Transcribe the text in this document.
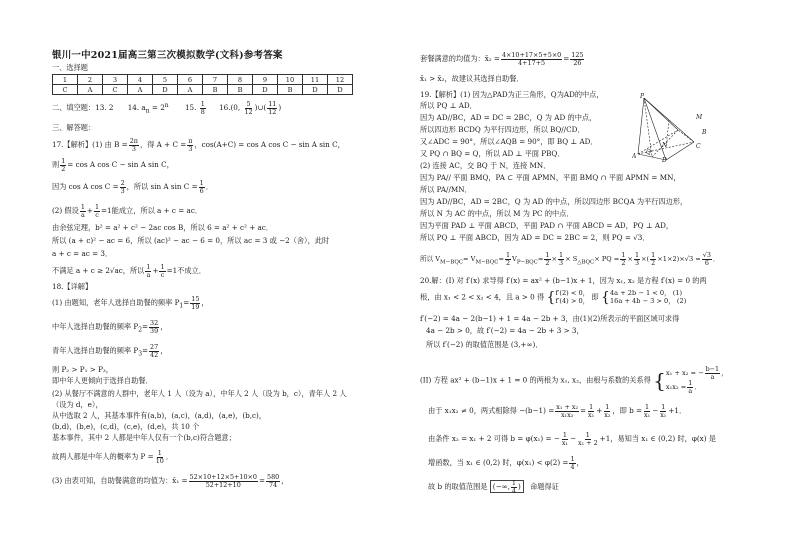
银川一中2021届高三第三次模拟数学(文科)参考答案
一、选择题
1	2	3	4	5	6	7	8	9	10	11	12
C	A	C	A	D	A	B	B	D	B	D	D
二、填空题：13. 2 14. $a_n = 2^n$ 15. $\frac{1}{8} 16.(0$, $\frac{5}{12}$ )∪( $\frac{11}{12}$ )
三、解答题：
17.【解析】(1) 由 $B = \frac{2\pi}{3}$ ，得 $A + C = \frac{\pi}{3}$ ，cos(A+C) = cos A cos C − sin A sin C，
则 $\frac{1}{2} = \cos A$ cos C − sin A sin C，
因为 cos A $\cos C = \frac{2}{3}$ ，所以 sin A $\sin C = \frac{1}{6}$ ．
(2) 假设 $\frac{1}{a} + \frac{1}{c} =1$能成立，所以 a + c = ac．
由余弦定理，b² = a² + c² − 2ac cos B，所以 6 = a² + c² + ac．
所以 (a + c)² − ac = 6，所以 (ac)² − ac − 6 = 0，所以 ac = 3 或 −2（舍），此时
a + c = ac = 3．
不满足 a + c ≥ 2√ac，所以 $\frac{1}{a} + \frac{1}{c} =1$不成立．
18.【详解】
(1) 由题知，老年人选择自助餐的频率 $P_1= \frac{15}{19}$ ，
中年人选择自助餐的频率 $P_2= \frac{32}{39}$ ，
青年人选择自助餐的频率 $P_3= \frac{27}{42}$ ，
则 P₂ > P₁ > P₃，
即中年人更倾向于选择自助餐．
(2) 从餐厅不满意的人群中，老年人 1 人（设为 a），中年人 2 人（设为 b，c），青年人 2 人
（设为 d，e），
从中选取 2 人，其基本事件有(a,b)，(a,c)，(a,d)，(a,e)，(b,c)，
(b,d)，(b,e)，(c,d)，(c,e)，(d,e)，共 10 个
基本事件，其中 2 人都是中年人仅有一个(b,c)符合题意；
故两人都是中年人的概率为 $P = \frac{1}{10}$ ．
(3) 由表可知，自助餐满意的均值为：x̄₁ = $\frac{52\times 10+12\times 5+10\times 0}{52+12+10} = \frac{580}{74}$ ，
套餐满意的均值为：x̄₂ = $\frac{4\times 10+17\times 5+5\times 0}{4+17+5} = \frac{125}{26}$
x̄₁ > x̄₂，故建议其选择自助餐．
19.【解析】(1) 因为△PAD为正三角形，Q为AD的中点，
所以 PQ ⊥ AD．
因为 AD//BC，AD = DC = 2BC，Q 为 AD 的中点，
所以四边形 BCDQ 为平行四边形，所以 BQ//CD．
又∠ADC = 90°，所以∠AQB = 90°，即 BQ ⊥ AD．
又 PQ ∩ BQ = Q，所以 AD ⊥ 平面 PBQ．
(2) 连接 AC，交 BQ 于 N，连接 MN．
因为 PA// 平面 BMQ，PA ⊂ 平面 APMN，平面 BMQ ∩ 平面 APMN = MN，
所以 PA//MN．
因为 AD//BC，AD = 2BC，Q 为 AD 的中点，所以四边形 BCQA 为平行四边形，
所以 N 为 AC 的中点，所以 M 为 PC 的中点．
因为平面 PAD ⊥ 平面 ABCD，平面 PAD ∩ 平面 ABCD = AD，PQ ⊥ AD，
所以 PQ ⊥ 平面 ABCD，因为 AD = DC = 2BC = 2，则 PQ = √3．
所以 $V_{M-BQC}= V_{M-BQC}= \frac{1}{2} V_{P-BQC}= \frac{1}{2} \times \frac{1}{3} \times S_{\triangle BQC}\times$ PQ = $\frac{1}{2} \times \frac{1}{3}$ ×( $\frac{1}{2} \times 1\times 2)\times√3 = \frac{√3}{6}$ ．
20.解：(I) 对 f′(x) 求导得 f′(x) = ax² + (b−1)x + 1，因为 x₁, x₂ 是方程 f′(x) = 0 的两
根，由 x₁ < 2 < x₂ < 4，且 a > 0 得 { f′(2) < 0，
f′(4) > 0， 即 { 4a + 2b − 1 < 0， (1)
16a + 4b − 3 > 0， (2)
f′(−2) = 4a − 2(b−1) + 1 = 4a − 2b + 3，由(1)(2)所表示的平面区域可求得
4a − 2b > 0，故 f′(−2) = 4a − 2b + 3 > 3，
所以 f′(−2) 的取值范围是 (3,+∞)．
(II) 方程 ax² + (b−1)x + 1 = 0 的两根为 x₁, x₂，由根与系数的关系得 { x₁ + x₂ = − $\frac{b-1}{a}$ ，
$x_1x_2 = \frac{1}{a}$ ．
由于 x₁x₂ ≠ 0，两式相除得 $-(b-1) = \frac{\text{x₁ + x₂}}{\text{x₁x₂}} = \frac{1}{\text{x₁}} + \frac{1}{\text{x₂}}$ ，即 $b = \frac{1}{\text{x₁}} - \frac{1}{\text{x₁}} +1$．
由条件 x₂ = x₁ + 2 可得 b = φ(x₁) = − $\frac{1}{\text{x₁}} - \frac{1}{\text{x₁ + 2}} +1$，易知当 x₁ ∈ (0,2) 时，φ(x) 是
增函数，当 x₁ ∈ (0,2) 时，$\varphi(x_1) < \varphi(2) = \frac{1}{4}$ ，
故 b 的取值范围是 (−∞, $\frac{1}{4}$ ) 命题得证
P
M
A
Q
N
B
D
C
